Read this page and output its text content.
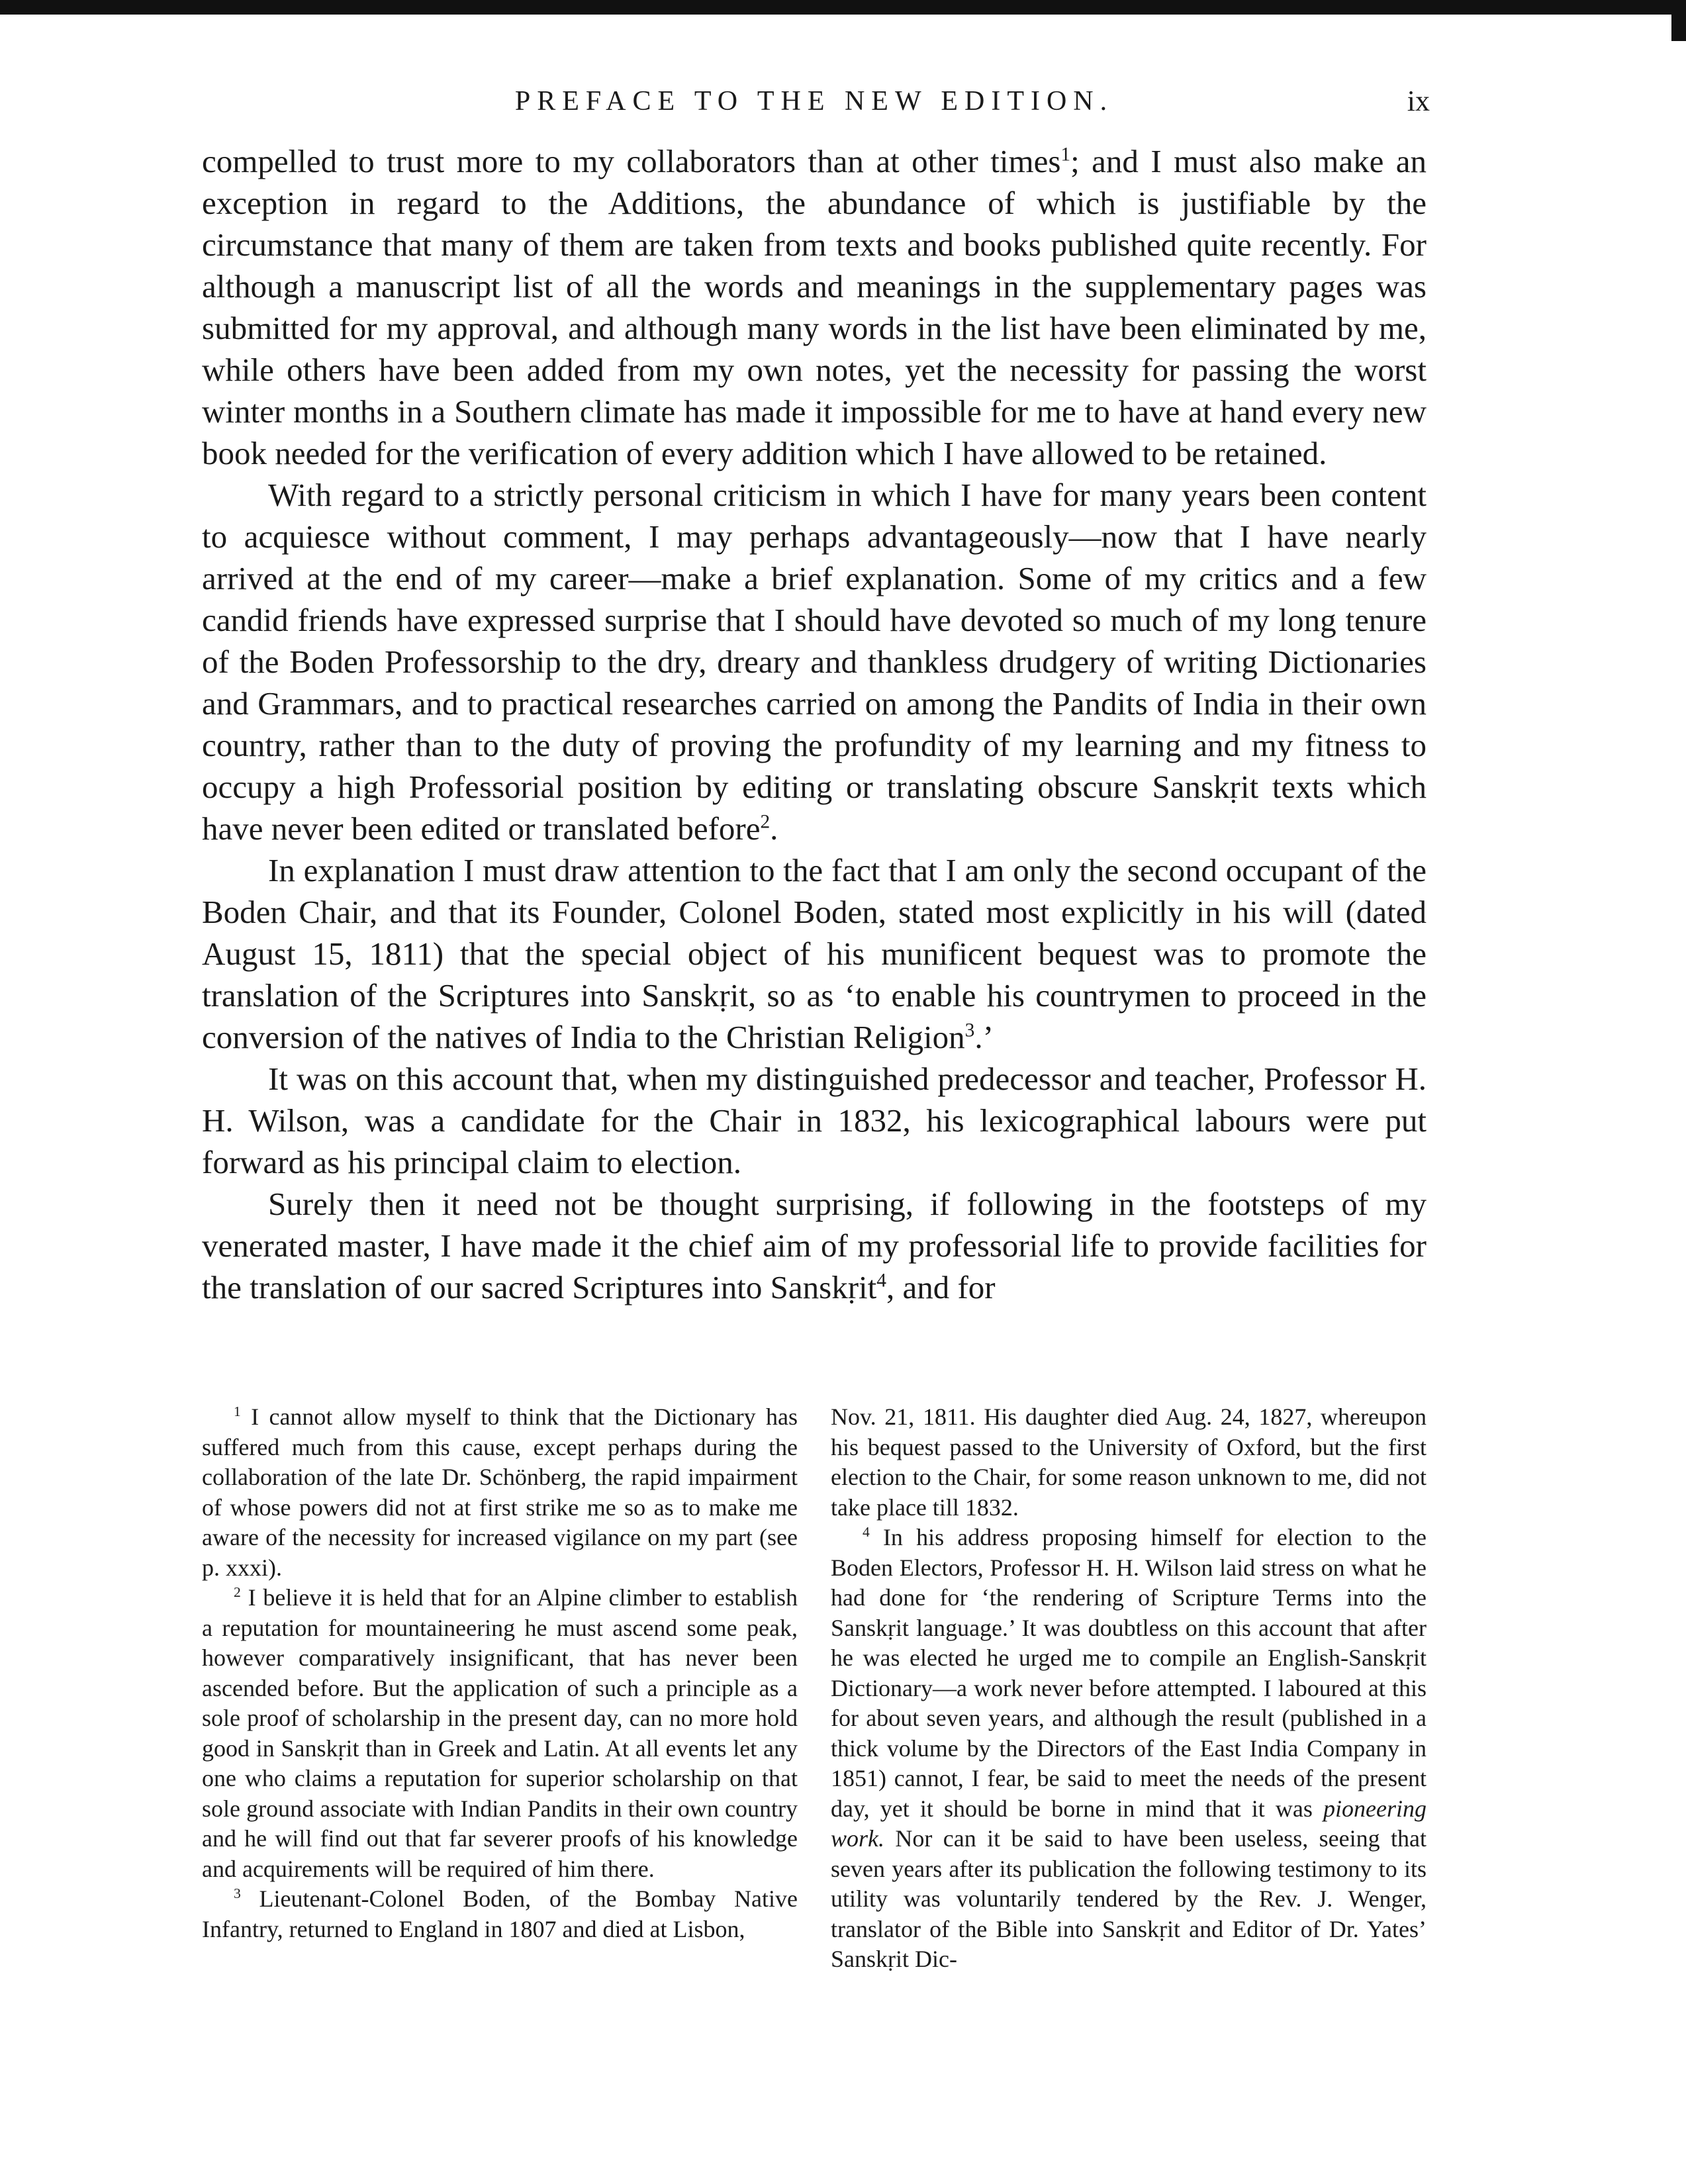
PREFACE TO THE NEW EDITION.	ix

compelled to trust more to my collaborators than at other times$^1$; and I must also make an exception in regard to the Additions, the abundance of which is justifiable by the circumstance that many of them are taken from texts and books published quite recently. For although a manuscript list of all the words and meanings in the supplementary pages was submitted for my approval, and although many words in the list have been eliminated by me, while others have been added from my own notes, yet the necessity for passing the worst winter months in a Southern climate has made it impossible for me to have at hand every new book needed for the verification of every addition which I have allowed to be retained.

With regard to a strictly personal criticism in which I have for many years been content to acquiesce without comment, I may perhaps advantageously—now that I have nearly arrived at the end of my career—make a brief explanation. Some of my critics and a few candid friends have expressed surprise that I should have devoted so much of my long tenure of the Boden Professorship to the dry, dreary and thankless drudgery of writing Dictionaries and Grammars, and to practical researches carried on among the Pandits of India in their own country, rather than to the duty of proving the profundity of my learning and my fitness to occupy a high Professorial position by editing or translating obscure Sanskṛit texts which have never been edited or translated before$^2$.

In explanation I must draw attention to the fact that I am only the second occupant of the Boden Chair, and that its Founder, Colonel Boden, stated most explicitly in his will (dated August 15, 1811) that the special object of his munificent bequest was to promote the translation of the Scriptures into Sanskṛit, so as ‘to enable his countrymen to proceed in the conversion of the natives of India to the Christian Religion$^3$.’

It was on this account that, when my distinguished predecessor and teacher, Professor H. H. Wilson, was a candidate for the Chair in 1832, his lexicographical labours were put forward as his principal claim to election.

Surely then it need not be thought surprising, if following in the footsteps of my venerated master, I have made it the chief aim of my professorial life to provide facilities for the translation of our sacred Scriptures into Sanskṛit$^4$, and for

$^1$ I cannot allow myself to think that the Dictionary has suffered much from this cause, except perhaps during the collaboration of the late Dr. Schönberg, the rapid impairment of whose powers did not at first strike me so as to make me aware of the necessity for increased vigilance on my part (see p. xxxi).

$^2$ I believe it is held that for an Alpine climber to establish a reputation for mountaineering he must ascend some peak, however comparatively insignificant, that has never been ascended before. But the application of such a principle as a sole proof of scholarship in the present day, can no more hold good in Sanskṛit than in Greek and Latin. At all events let any one who claims a reputation for superior scholarship on that sole ground associate with Indian Pandits in their own country and he will find out that far severer proofs of his knowledge and acquirements will be required of him there.

$^3$ Lieutenant-Colonel Boden, of the Bombay Native Infantry, returned to England in 1807 and died at Lisbon,

Nov. 21, 1811. His daughter died Aug. 24, 1827, whereupon his bequest passed to the University of Oxford, but the first election to the Chair, for some reason unknown to me, did not take place till 1832.

$^4$ In his address proposing himself for election to the Boden Electors, Professor H. H. Wilson laid stress on what he had done for ‘the rendering of Scripture Terms into the Sanskṛit language.’ It was doubtless on this account that after he was elected he urged me to compile an English-Sanskṛit Dictionary—a work never before attempted. I laboured at this for about seven years, and although the result (published in a thick volume by the Directors of the East India Company in 1851) cannot, I fear, be said to meet the needs of the present day, yet it should be borne in mind that it was pioneering work. Nor can it be said to have been useless, seeing that seven years after its publication the following testimony to its utility was voluntarily tendered by the Rev. J. Wenger, translator of the Bible into Sanskṛit and Editor of Dr. Yates’ Sanskṛit Dic-
